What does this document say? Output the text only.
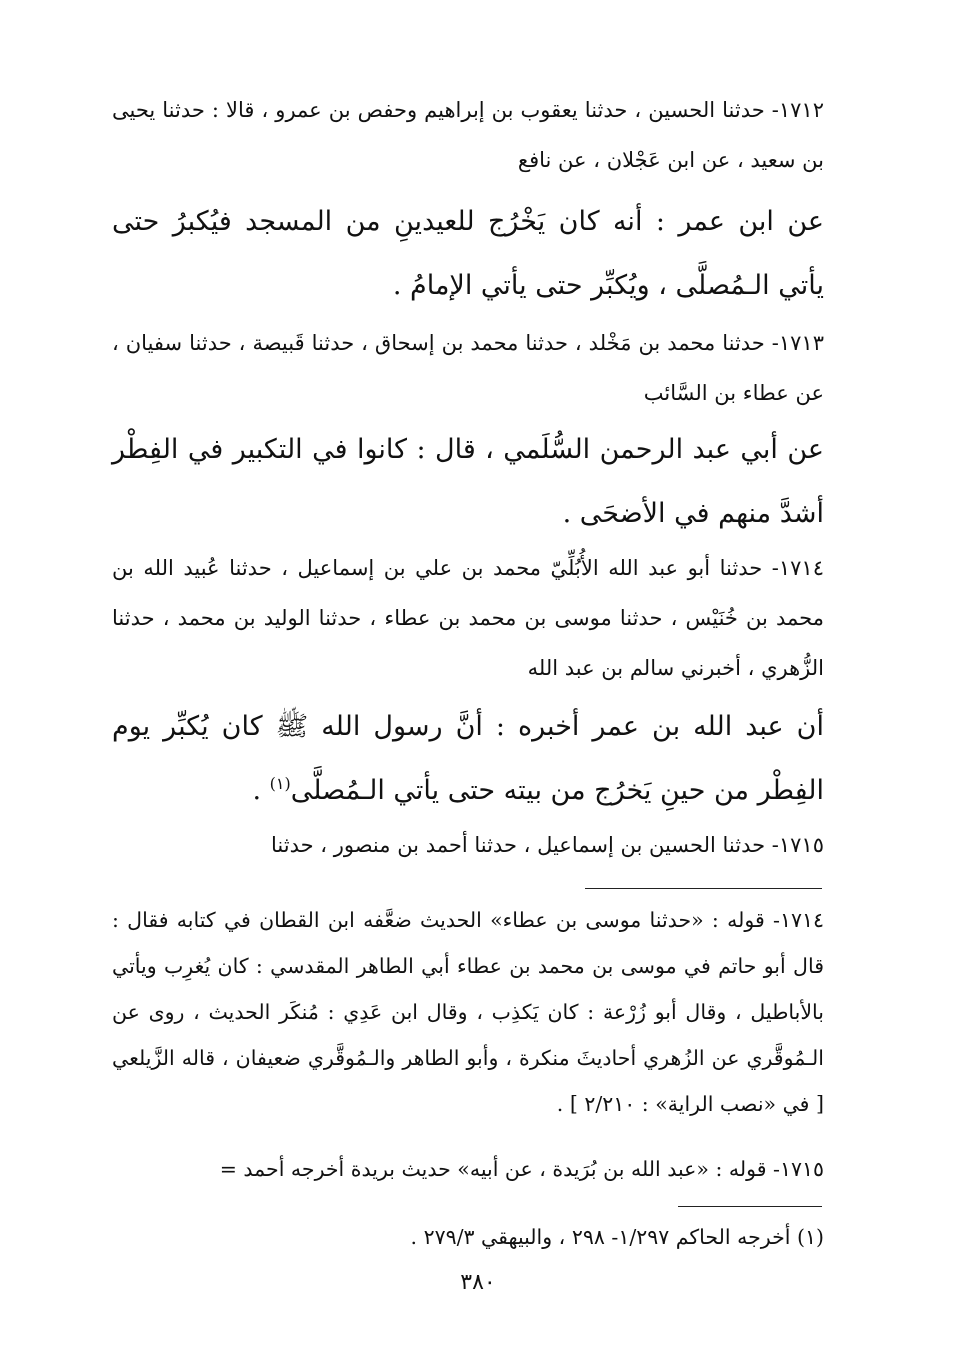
١٧١٢- حدثنا الحسين ، حدثنا يعقوب بن إبراهيم وحفص بن عمرو ، قالا : حدثنا يحيى بن سعيد ، عن ابن عَجْلان ، عن نافع

عن ابن عمر : أنه كان يَخْرُج للعيدينِ من المسجد فيُكبرُ حتى يأتي الـمُصلَّى ، ويُكبِّر حتى يأتي الإمامُ .

١٧١٣- حدثنا محمد بن مَخْلد ، حدثنا محمد بن إسحاق ، حدثنا قَبيصة ، حدثنا سفيان ، عن عطاء بن السَّائب

عن أبي عبد الرحمن السُّلَمي ، قال : كانوا في التكبير في الفِطْر أشدَّ منهم في الأضحَى .

١٧١٤- حدثنا أبو عبد الله الأُبُلِّيّ محمد بن علي بن إسماعيل ، حدثنا عُبيد الله بن محمد بن خُنَيْس ، حدثنا موسى بن محمد بن عطاء ، حدثنا الوليد بن محمد ، حدثنا الزُّهري ، أخبرني سالم بن عبد الله

أن عبد الله بن عمر أخبره : أنَّ رسول الله ﷺ كان يُكبِّر يوم الفِطْر من حينِ يَخرُج من بيته حتى يأتي الـمُصلَّى$^{(١)}$ .

١٧١٥- حدثنا الحسين بن إسماعيل ، حدثنا أحمد بن منصور ، حدثنا

١٧١٤- قوله : «حدثنا موسى بن عطاء» الحديث ضعَّفه ابن القطان في كتابه فقال : قال أبو حاتم في موسى بن محمد بن عطاء أبي الطاهر المقدسي : كان يُغرِب ويأتي بالأباطيل ، وقال أبو زُرْعة : كان يَكذِب ، وقال ابن عَدِي : مُنكَر الحديث ، روى عن الـمُوقَّري عن الزُهري أحاديثَ منكرة ، وأبو الطاهر والـمُوقَّري ضعيفان ، قاله الزَّيلعي [ في «نصب الراية» : ٢/٢١٠ ] .

١٧١٥- قوله : «عبد الله بن بُرَيدة ، عن أبيه» حديث بريدة أخرجه أحمد =

(١) أخرجه الحاكم ١/٢٩٧- ٢٩٨ ، والبيهقي ٢٧٩/٣ .

٣٨٠
